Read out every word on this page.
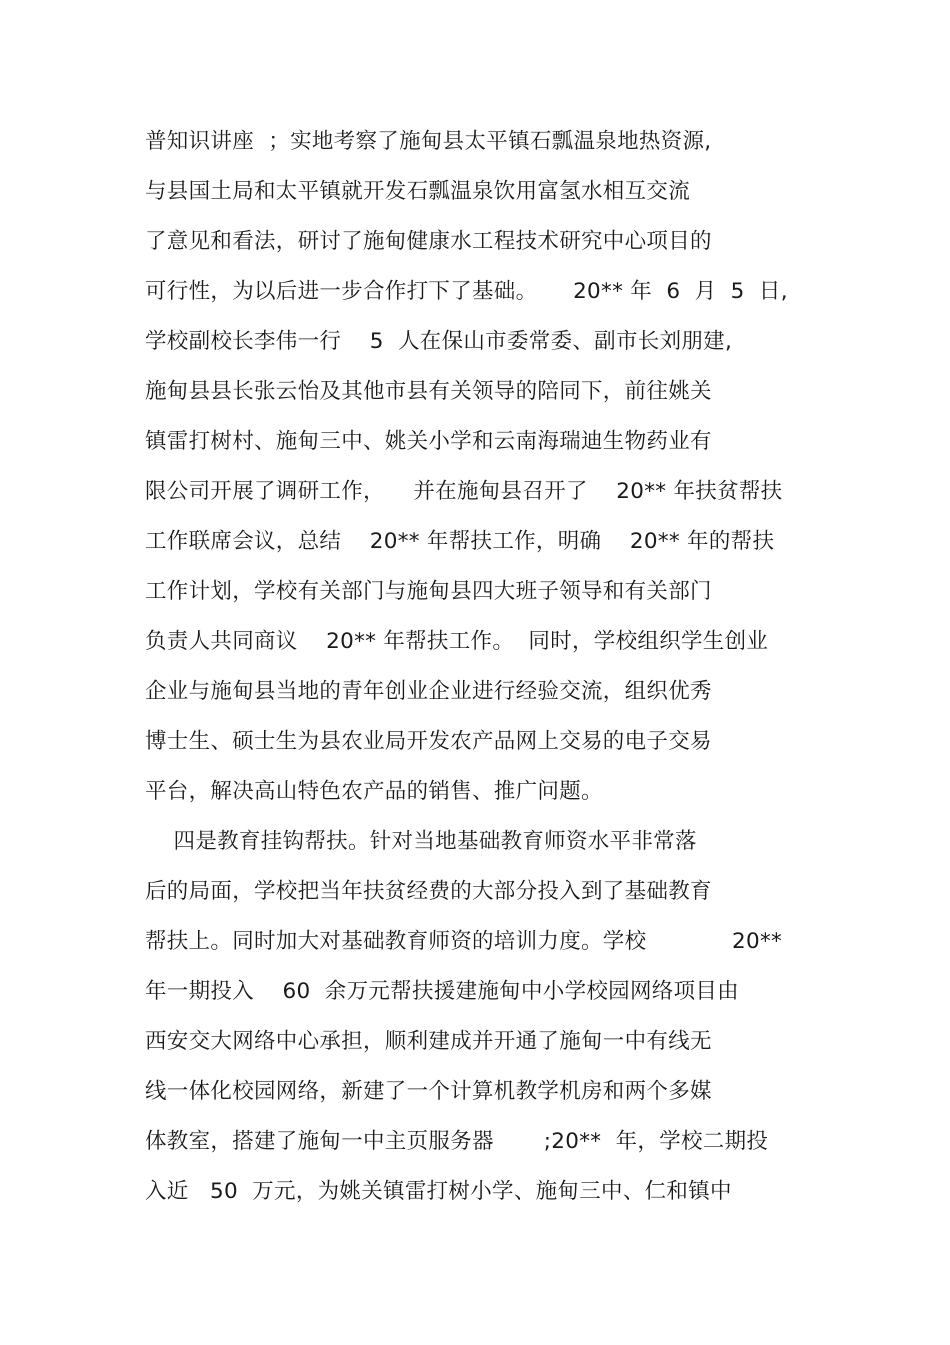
普知识讲座  ；实地考察了施甸县太平镇石瓢温泉地热资源,
与县国土局和太平镇就开发石瓢温泉饮用富氢水相互交流
了意见和看法，研讨了施甸健康水工程技术研究中心项目的
可行性，为以后进一步合作打下了基础。     20** 年  6  月  5  日,
学校副校长李伟一行    5  人在保山市委常委、副市长刘朋建,
施甸县县长张云怡及其他市县有关领导的陪同下，前往姚关
镇雷打树村、施甸三中、姚关小学和云南海瑞迪生物药业有
限公司开展了调研工作，    并在施甸县召开了    20** 年扶贫帮扶
工作联席会议，总结    20** 年帮扶工作，明确    20** 年的帮扶
工作计划，学校有关部门与施甸县四大班子领导和有关部门
负责人共同商议    20** 年帮扶工作。  同时，学校组织学生创业
企业与施甸县当地的青年创业企业进行经验交流，组织优秀
博士生、硕士生为县农业局开发农产品网上交易的电子交易
平台，解决高山特色农产品的销售、推广问题。
四是教育挂钩帮扶。针对当地基础教育师资水平非常落
后的局面，学校把当年扶贫经费的大部分投入到了基础教育
帮扶上。同时加大对基础教育师资的培训力度。学校            20**
年一期投入    60  余万元帮扶援建施甸中小学校园网络项目由
西安交大网络中心承担，顺利建成并开通了施甸一中有线无
线一体化校园网络，新建了一个计算机教学机房和两个多媒
体教室，搭建了施甸一中主页服务器       ;20**  年，学校二期投
入近   50  万元，为姚关镇雷打树小学、施甸三中、仁和镇中
